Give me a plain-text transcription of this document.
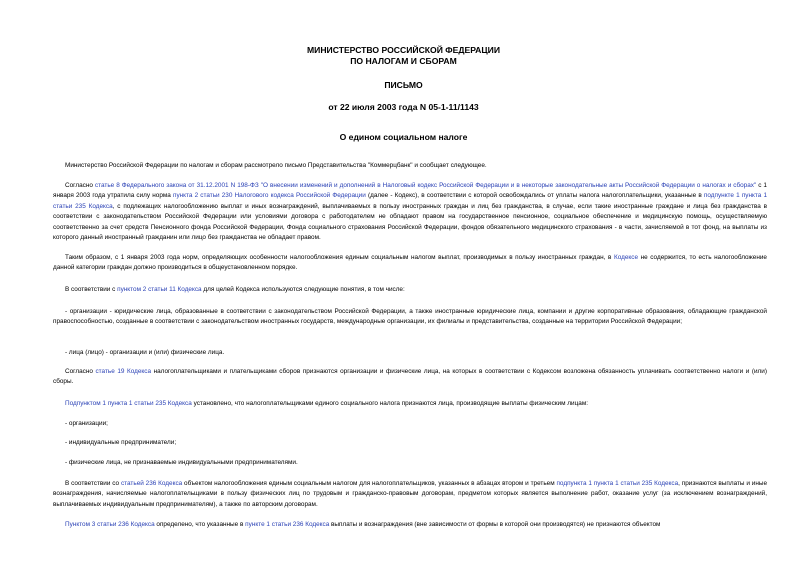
МИНИСТЕРСТВО РОССИЙСКОЙ ФЕДЕРАЦИИ
ПО НАЛОГАМ И СБОРАМ
ПИСЬМО
от 22 июля 2003 года N 05-1-11/1143
О едином социальном налоге
Министерство Российской Федерации по налогам и сборам рассмотрело письмо Представительства "Коммерцбанк" и сообщает следующее.
Согласно статье 8 Федерального закона от 31.12.2001 N 198-ФЗ "О внесении изменений и дополнений в Налоговый кодекс Российской Федерации и в некоторые законодательные акты Российской Федерации о налогах и сборах" с 1 января 2003 года утратила силу норма пункта 2 статьи 230 Налогового кодекса Российской Федерации (далее - Кодекс), в соответствии с которой освобождались от уплаты налога налогоплательщики, указанные в подпункте 1 пункта 1 статьи 235 Кодекса, с подлежащих налогообложению выплат и иных вознаграждений, выплачиваемых в пользу иностранных граждан и лиц без гражданства, в случае, если такие иностранные граждане и лица без гражданства в соответствии с законодательством Российской Федерации или условиями договора с работодателем не обладают правом на государственное пенсионное, социальное обеспечение и медицинскую помощь, осуществляемую соответственно за счет средств Пенсионного фонда Российской Федерации, Фонда социального страхования Российской Федерации, фондов обязательного медицинского страхования - в части, зачисляемой в тот фонд, на выплаты из которого данный иностранный гражданин или лицо без гражданства не обладает правом.
Таким образом, с 1 января 2003 года норм, определяющих особенности налогообложения единым социальным налогом выплат, производимых в пользу иностранных граждан, в Кодексе не содержится, то есть налогообложение данной категории граждан должно производиться в общеустановленном порядке.
В соответствии с пунктом 2 статьи 11 Кодекса для целей Кодекса используются следующие понятия, в том числе:
- организации - юридические лица, образованные в соответствии с законодательством Российской Федерации, а также иностранные юридические лица, компании и другие корпоративные образования, обладающие гражданской правоспособностью, созданные в соответствии с законодательством иностранных государств, международные организации, их филиалы и представительства, созданные на территории Российской Федерации;
- лица (лицо) - организации и (или) физические лица.
Согласно статье 19 Кодекса налогоплательщиками и плательщиками сборов признаются организации и физические лица, на которых в соответствии с Кодексом возложена обязанность уплачивать соответственно налоги и (или) сборы.
Подпунктом 1 пункта 1 статьи 235 Кодекса установлено, что налогоплательщиками единого социального налога признаются лица, производящие выплаты физическим лицам:
- организации;
- индивидуальные предприниматели;
- физические лица, не признаваемые индивидуальными предпринимателями.
В соответствии со статьей 236 Кодекса объектом налогообложения единым социальным налогом для налогоплательщиков, указанных в абзацах втором и третьем подпункта 1 пункта 1 статьи 235 Кодекса, признаются выплаты и иные вознаграждения, начисляемые налогоплательщиками в пользу физических лиц по трудовым и гражданско-правовым договорам, предметом которых является выполнение работ, оказание услуг (за исключением вознаграждений, выплачиваемых индивидуальным предпринимателям), а также по авторским договорам.
Пунктом 3 статьи 236 Кодекса определено, что указанные в пункте 1 статьи 236 Кодекса выплаты и вознаграждения (вне зависимости от формы в которой они производятся) не признаются объектом
